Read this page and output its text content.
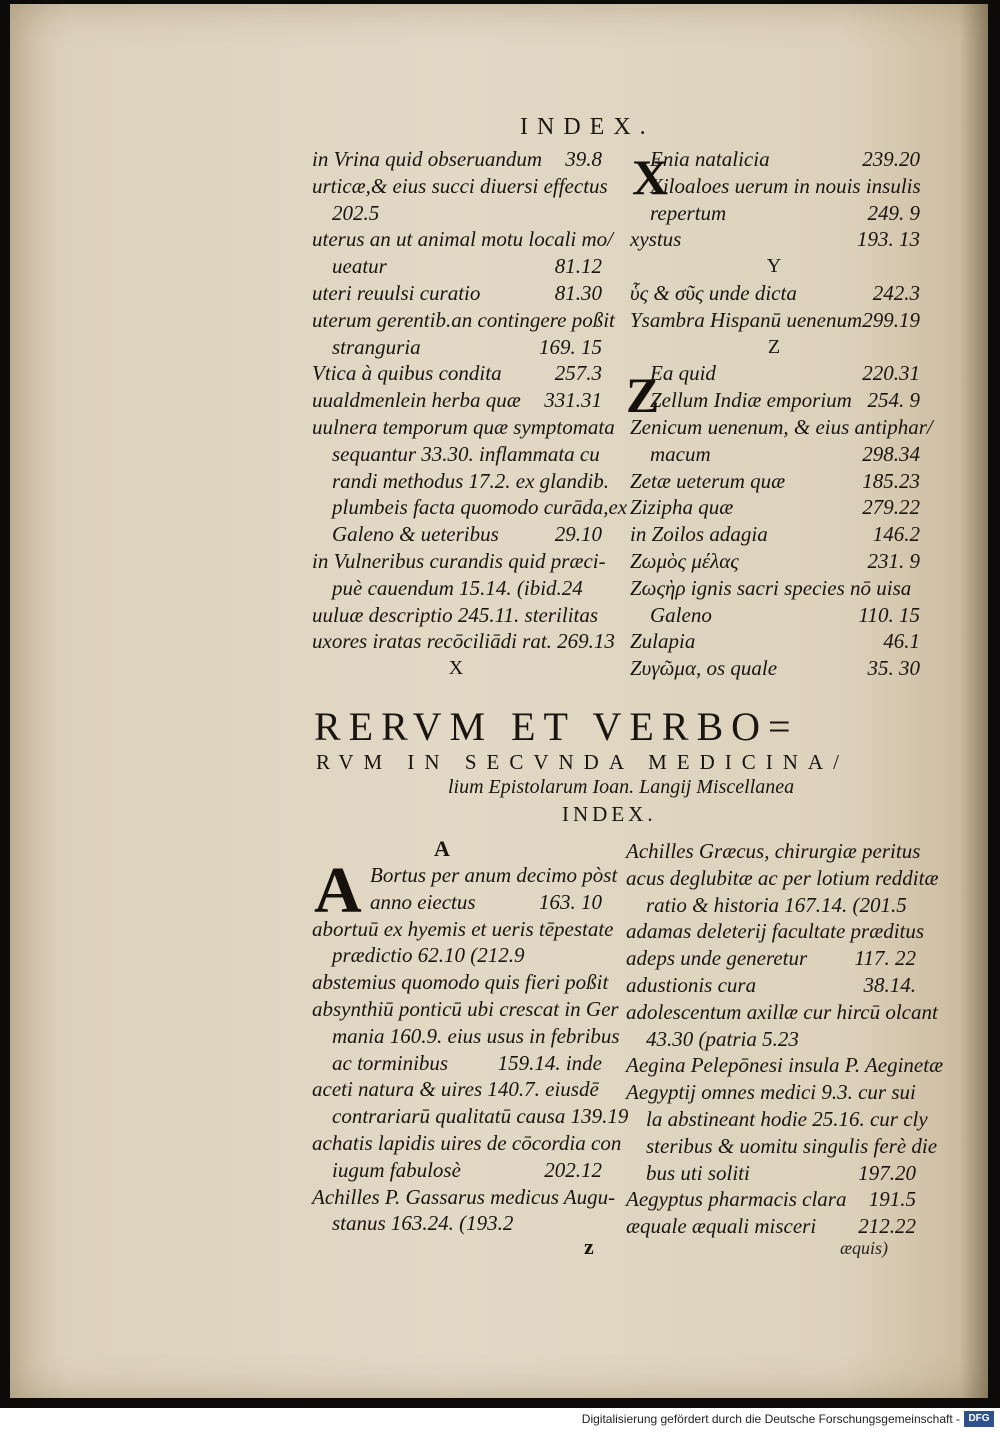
INDEX.
in Vrina quid obseruandum 39.8
urticæ,& eius succi diuersi effectus
202.5
uterus an ut animal motu locali mo/
ueatur	81.12
uteri reuulsi curatio	81.30
uterum gerentib.an contingere poßit
stranguria	169. 15
Vtica à quibus condita	257.3
uualdmenlein herba quæ 331.31
uulnera temporum quæ symptomata
sequantur 33.30. inflammata cu
randi methodus 17.2. ex glandib.
plumbeis facta quomodo curāda,ex
Galeno & ueteribus	29.10
in Vulneribus curandis quid præci-
puè cauendum 15.14. (ibid.24
uuluæ descriptio 245.11. sterilitas
uxores iratas recōciliādi rat. 269.13
X
Enia natalicia	239.20
Xiloaloes uerum in nouis insulis
repertum	249. 9
xystus	193. 13
Y
ὗς & σῦς unde dicta	242.3
Ysambra Hispanū uenenum 299.19
Z
Ea quid	220.31
Zellum Indiæ emporium 254. 9
Zenicum uenenum, & eius antiphar/
macum	298.34
Zetæ ueterum quæ	185.23
Zizipha quæ	279.22
in Zoilos adagia	146.2
Ζωμὸς μέλας	231. 9
Ζωςὴρ ignis sacri species nō uisa
Galeno	110. 15
Zulapia	46.1
Ζυγῶμα, os quale	35. 30
X
Z
RERVM ET VERBO=
RVM IN SECVNDA MEDICINA/
lium Epistolarum Ioan. Langij Miscellanea
INDEX.
A
A Bortus per anum decimo pòst
anno eiectus	163. 10
abortuū ex hyemis et ueris tēpestate
prædictio 62.10 (212.9
abstemius quomodo quis fieri poßit
absynthiū ponticū ubi crescat in Ger
mania 160.9. eius usus in febribus
ac torminibus 159.14. inde
aceti natura & uires 140.7. eiusdē
contrariarū qualitatū causa 139.19
achatis lapidis uires de cōcordia con
iugum fabulosè	202.12
Achilles P. Gassarus medicus Augu-
stanus 163.24. (193.2
Achilles Græcus, chirurgiæ peritus
acus deglubitæ ac per lotium redditæ
ratio & historia 167.14. (201.5
adamas deleterij facultate præditus
adeps unde generetur 117. 22
adustionis cura	38.14.
adolescentum axillæ cur hircū olcant
43.30 (patria 5.23
Aegina Pelepōnesi insula P. Aeginetæ
Aegyptij omnes medici 9.3. cur sui
la abstineant hodie 25.16. cur cly
steribus & uomitu singulis ferè die
bus uti soliti	197.20
Aegyptus pharmacis clara 191.5
æquale æquali misceri 212.22
z	æquis)
Digitalisierung gefördert durch die Deutsche Forschungsgemeinschaft - DFG
